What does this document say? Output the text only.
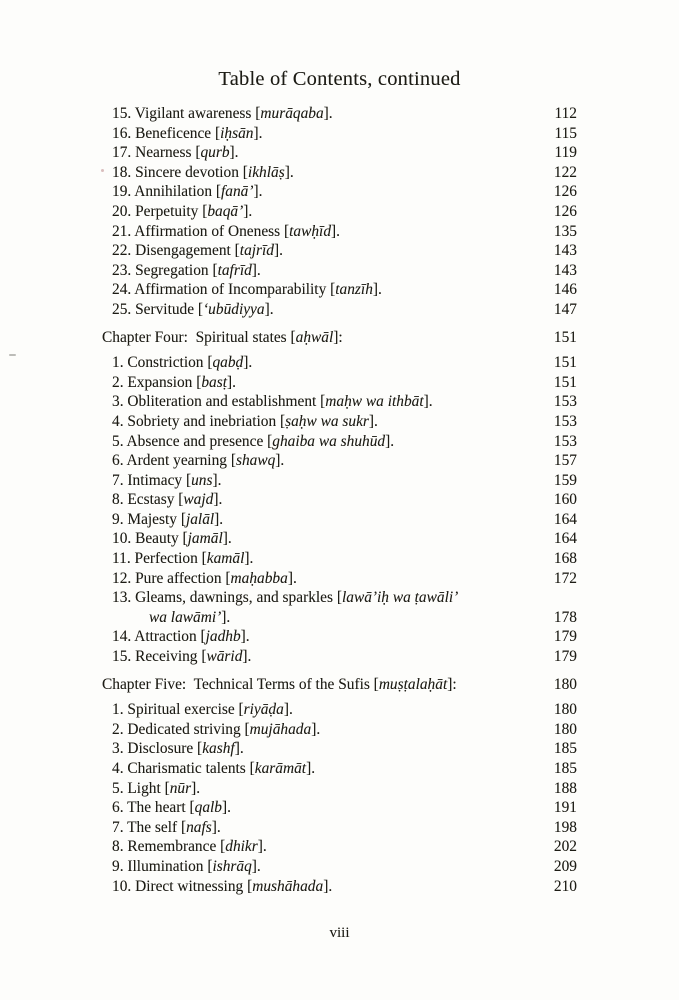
Table of Contents, continued
15. Vigilant awareness [murāqaba].	112
16. Beneficence [iḥsān].	115
17. Nearness [qurb].	119
18. Sincere devotion [ikhlāṣ].	122
19. Annihilation [fanā’].	126
20. Perpetuity [baqā’].	126
21. Affirmation of Oneness [tawḥīd].	135
22. Disengagement [tajrīd].	143
23. Segregation [tafrīd].	143
24. Affirmation of Incomparability [tanzīh].	146
25. Servitude [‘ubūdiyya].	147
Chapter Four:  Spiritual states [aḥwāl]:	151
1. Constriction [qabḍ].	151
2. Expansion [basṭ].	151
3. Obliteration and establishment [maḥw wa ithbāt].	153
4. Sobriety and inebriation [ṣaḥw wa sukr].	153
5. Absence and presence [ghaiba wa shuhūd].	153
6. Ardent yearning [shawq].	157
7. Intimacy [uns].	159
8. Ecstasy [wajd].	160
9. Majesty [jalāl].	164
10. Beauty [jamāl].	164
11. Perfection [kamāl].	168
12. Pure affection [maḥabba].	172
13. Gleams, dawnings, and sparkles [lawā’iḥ wa ṭawāli’
wa lawāmi’].	178
14. Attraction [jadhb].	179
15. Receiving [wārid].	179
Chapter Five:  Technical Terms of the Sufis [muṣṭalaḥāt]:	180
1. Spiritual exercise [riyāḍa].	180
2. Dedicated striving [mujāhada].	180
3. Disclosure [kashf].	185
4. Charismatic talents [karāmāt].	185
5. Light [nūr].	188
6. The heart [qalb].	191
7. The self [nafs].	198
8. Remembrance [dhikr].	202
9. Illumination [ishrāq].	209
10. Direct witnessing [mushāhada].	210
viii
